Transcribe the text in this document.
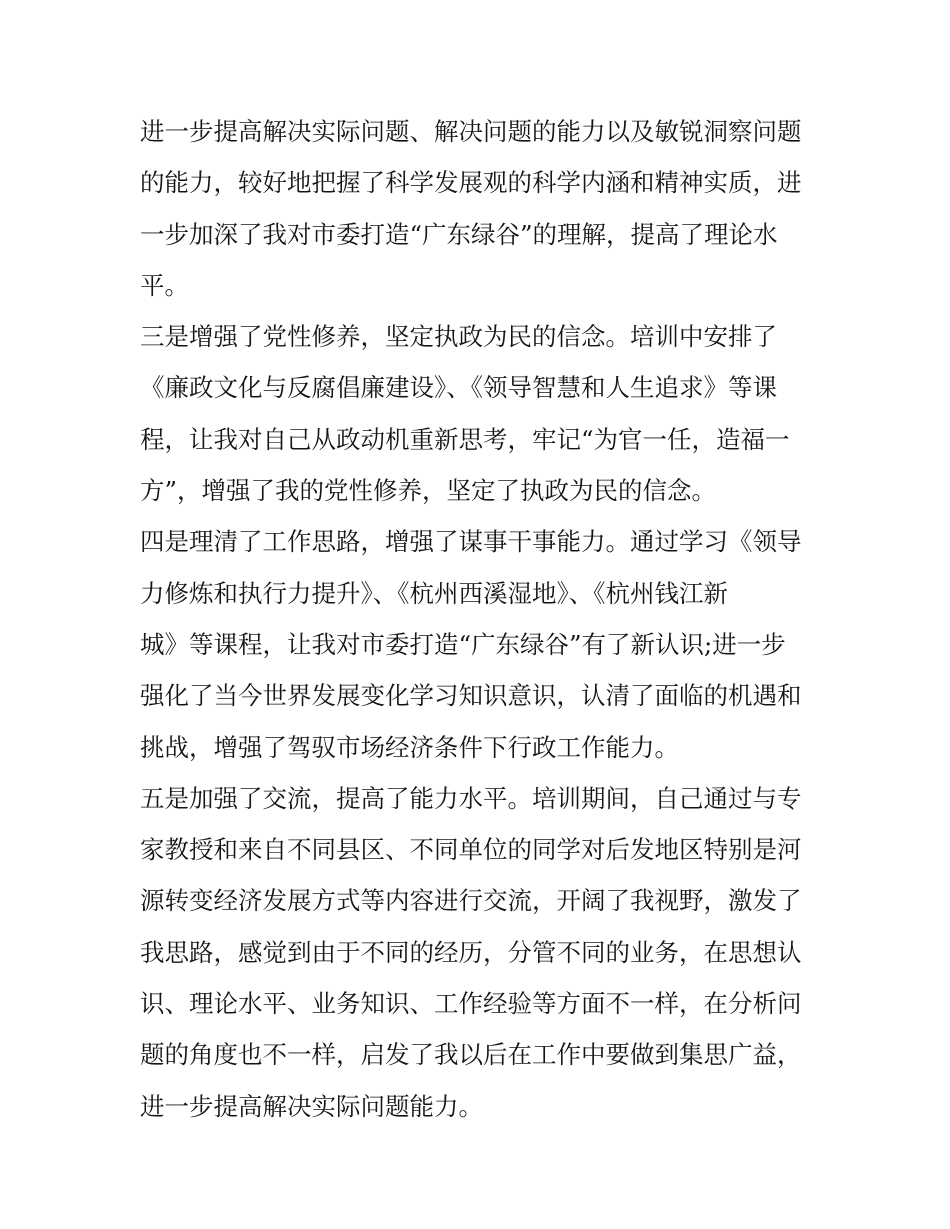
进一步提高解决实际问题、解决问题的能力以及敏锐洞察问题
的能力，较好地把握了科学发展观的科学内涵和精神实质，进
一步加深了我对市委打造“广东绿谷”的理解，提高了理论水
平。
三是增强了党性修养，坚定执政为民的信念。培训中安排了
《廉政文化与反腐倡廉建设》、《领导智慧和人生追求》等课
程，让我对自己从政动机重新思考，牢记“为官一任，造福一
方”，增强了我的党性修养，坚定了执政为民的信念。
四是理清了工作思路，增强了谋事干事能力。通过学习《领导
力修炼和执行力提升》、《杭州西溪湿地》、《杭州钱江新
城》等课程，让我对市委打造“广东绿谷”有了新认识;进一步
强化了当今世界发展变化学习知识意识，认清了面临的机遇和
挑战，增强了驾驭市场经济条件下行政工作能力。
五是加强了交流，提高了能力水平。培训期间，自己通过与专
家教授和来自不同县区、不同单位的同学对后发地区特别是河
源转变经济发展方式等内容进行交流，开阔了我视野，激发了
我思路，感觉到由于不同的经历，分管不同的业务，在思想认
识、理论水平、业务知识、工作经验等方面不一样，在分析问
题的角度也不一样，启发了我以后在工作中要做到集思广益，
进一步提高解决实际问题能力。
